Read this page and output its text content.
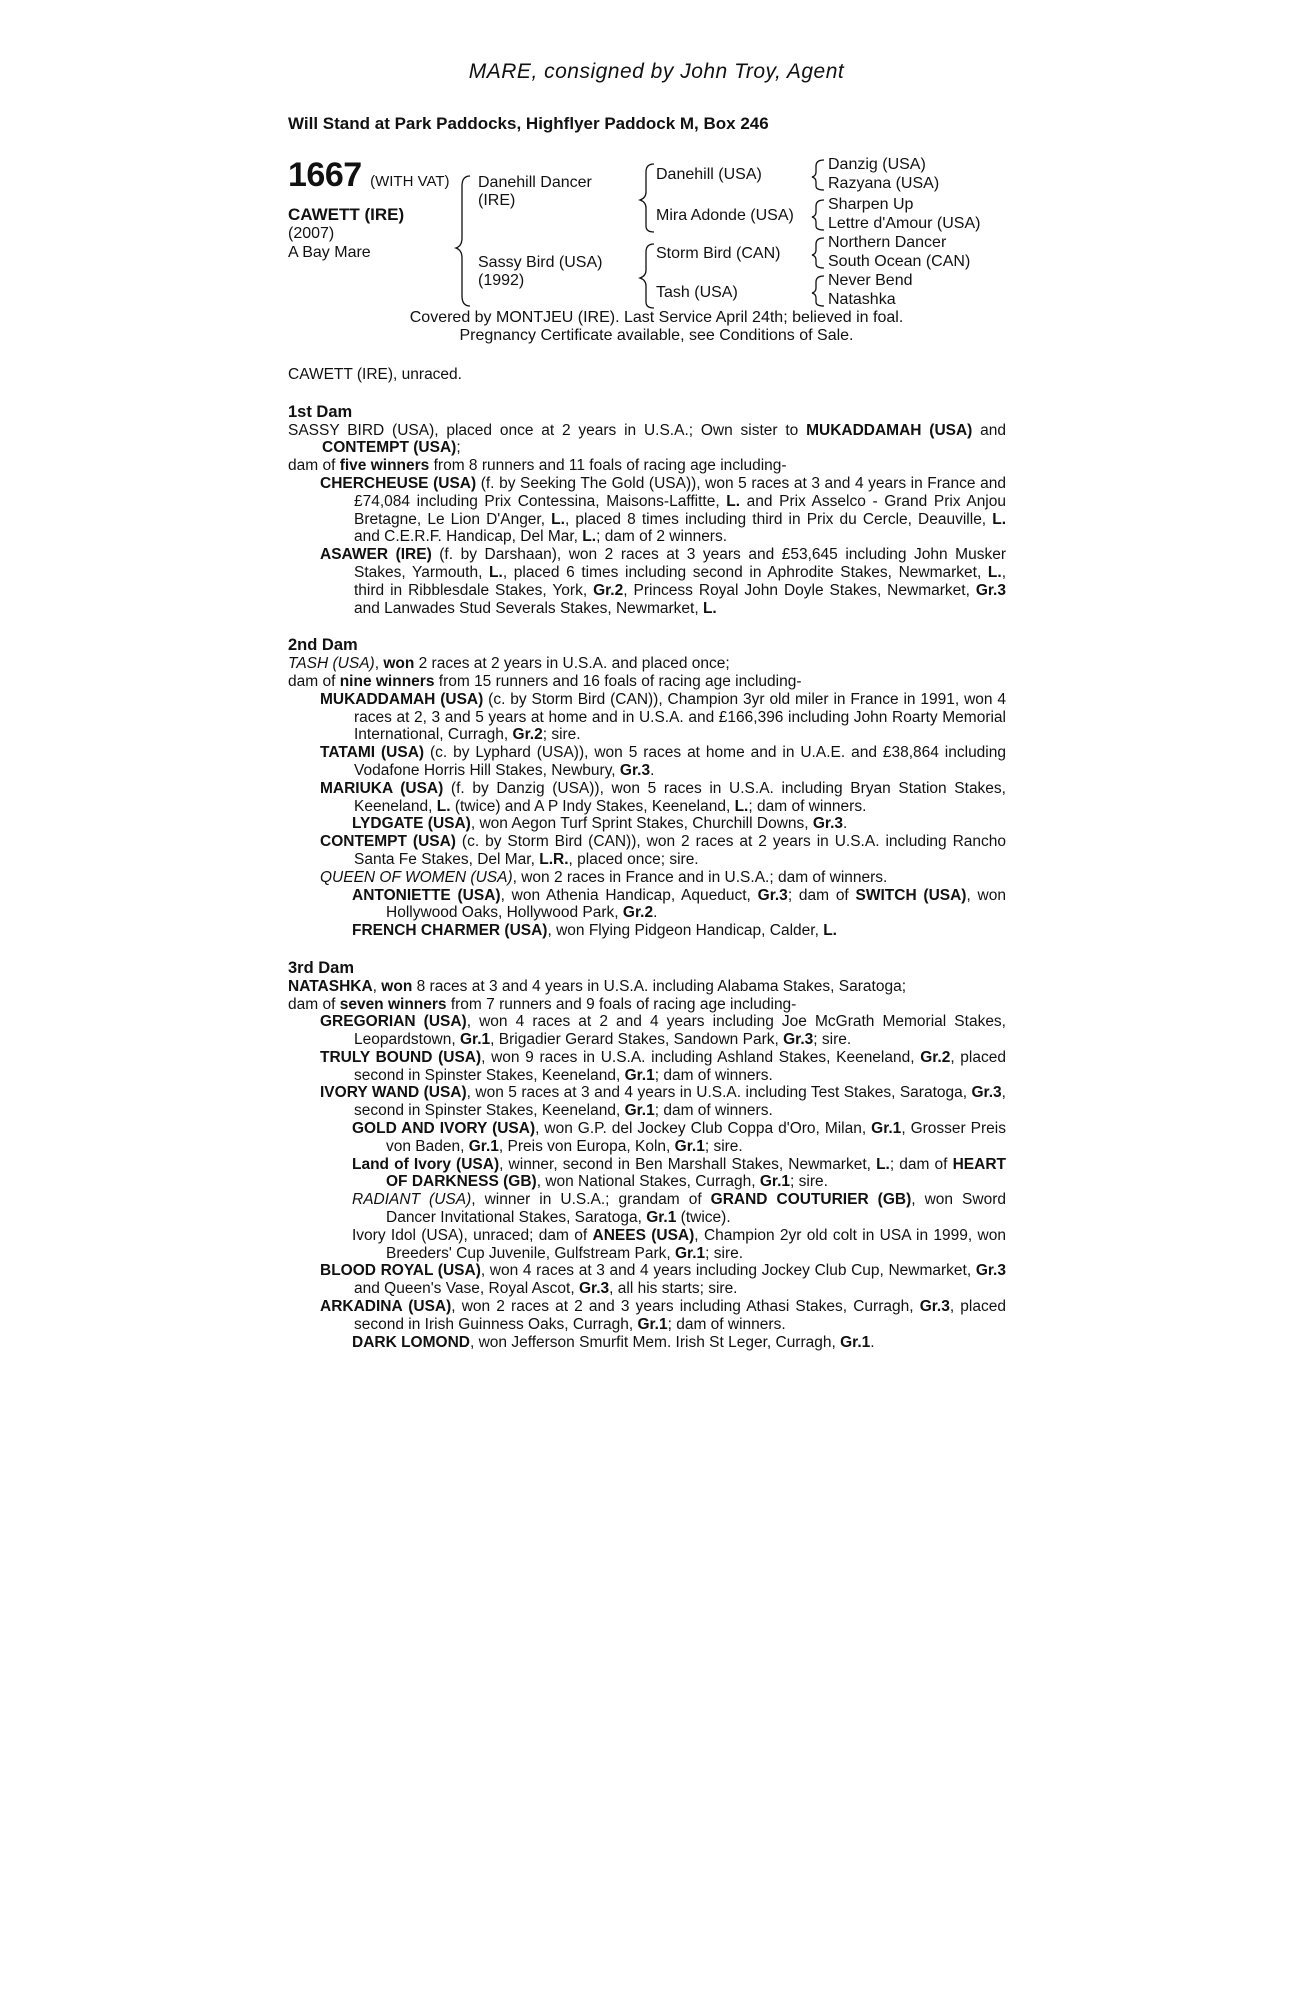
MARE, consigned by John Troy, Agent
Will Stand at Park Paddocks, Highflyer Paddock M, Box 246
1667 (WITH VAT)
CAWETT (IRE)
(2007)
A Bay Mare
Danehill Dancer
(IRE)
Sassy Bird (USA)
(1992)
Danehill (USA)
Mira Adonde (USA)
Storm Bird (CAN)
Tash (USA)
Danzig (USA)
Razyana (USA)
Sharpen Up
Lettre d'Amour (USA)
Northern Dancer
South Ocean (CAN)
Never Bend
Natashka
Covered by MONTJEU (IRE). Last Service April 24th; believed in foal.
Pregnancy Certificate available, see Conditions of Sale.
CAWETT (IRE), unraced.
1st Dam
SASSY BIRD (USA), placed once at 2 years in U.S.A.; Own sister to MUKADDAMAH (USA) and CONTEMPT (USA);
dam of five winners from 8 runners and 11 foals of racing age including-
CHERCHEUSE (USA) (f. by Seeking The Gold (USA)), won 5 races at 3 and 4 years in France and £74,084 including Prix Contessina, Maisons-Laffitte, L. and Prix Asselco - Grand Prix Anjou Bretagne, Le Lion D'Anger, L., placed 8 times including third in Prix du Cercle, Deauville, L. and C.E.R.F. Handicap, Del Mar, L.; dam of 2 winners.
ASAWER (IRE) (f. by Darshaan), won 2 races at 3 years and £53,645 including John Musker Stakes, Yarmouth, L., placed 6 times including second in Aphrodite Stakes, Newmarket, L., third in Ribblesdale Stakes, York, Gr.2, Princess Royal John Doyle Stakes, Newmarket, Gr.3 and Lanwades Stud Severals Stakes, Newmarket, L.
2nd Dam
TASH (USA), won 2 races at 2 years in U.S.A. and placed once;
dam of nine winners from 15 runners and 16 foals of racing age including-
MUKADDAMAH (USA) (c. by Storm Bird (CAN)), Champion 3yr old miler in France in 1991, won 4 races at 2, 3 and 5 years at home and in U.S.A. and £166,396 including John Roarty Memorial International, Curragh, Gr.2; sire.
TATAMI (USA) (c. by Lyphard (USA)), won 5 races at home and in U.A.E. and £38,864 including Vodafone Horris Hill Stakes, Newbury, Gr.3.
MARIUKA (USA) (f. by Danzig (USA)), won 5 races in U.S.A. including Bryan Station Stakes, Keeneland, L. (twice) and A P Indy Stakes, Keeneland, L.; dam of winners.
LYDGATE (USA), won Aegon Turf Sprint Stakes, Churchill Downs, Gr.3.
CONTEMPT (USA) (c. by Storm Bird (CAN)), won 2 races at 2 years in U.S.A. including Rancho Santa Fe Stakes, Del Mar, L.R., placed once; sire.
QUEEN OF WOMEN (USA), won 2 races in France and in U.S.A.; dam of winners.
ANTONIETTE (USA), won Athenia Handicap, Aqueduct, Gr.3; dam of SWITCH (USA), won Hollywood Oaks, Hollywood Park, Gr.2.
FRENCH CHARMER (USA), won Flying Pidgeon Handicap, Calder, L.
3rd Dam
NATASHKA, won 8 races at 3 and 4 years in U.S.A. including Alabama Stakes, Saratoga;
dam of seven winners from 7 runners and 9 foals of racing age including-
GREGORIAN (USA), won 4 races at 2 and 4 years including Joe McGrath Memorial Stakes, Leopardstown, Gr.1, Brigadier Gerard Stakes, Sandown Park, Gr.3; sire.
TRULY BOUND (USA), won 9 races in U.S.A. including Ashland Stakes, Keeneland, Gr.2, placed second in Spinster Stakes, Keeneland, Gr.1; dam of winners.
IVORY WAND (USA), won 5 races at 3 and 4 years in U.S.A. including Test Stakes, Saratoga, Gr.3, second in Spinster Stakes, Keeneland, Gr.1; dam of winners.
GOLD AND IVORY (USA), won G.P. del Jockey Club Coppa d'Oro, Milan, Gr.1, Grosser Preis von Baden, Gr.1, Preis von Europa, Koln, Gr.1; sire.
Land of Ivory (USA), winner, second in Ben Marshall Stakes, Newmarket, L.; dam of HEART OF DARKNESS (GB), won National Stakes, Curragh, Gr.1; sire.
RADIANT (USA), winner in U.S.A.; grandam of GRAND COUTURIER (GB), won Sword Dancer Invitational Stakes, Saratoga, Gr.1 (twice).
Ivory Idol (USA), unraced; dam of ANEES (USA), Champion 2yr old colt in USA in 1999, won Breeders' Cup Juvenile, Gulfstream Park, Gr.1; sire.
BLOOD ROYAL (USA), won 4 races at 3 and 4 years including Jockey Club Cup, Newmarket, Gr.3 and Queen's Vase, Royal Ascot, Gr.3, all his starts; sire.
ARKADINA (USA), won 2 races at 2 and 3 years including Athasi Stakes, Curragh, Gr.3, placed second in Irish Guinness Oaks, Curragh, Gr.1; dam of winners.
DARK LOMOND, won Jefferson Smurfit Mem. Irish St Leger, Curragh, Gr.1.
